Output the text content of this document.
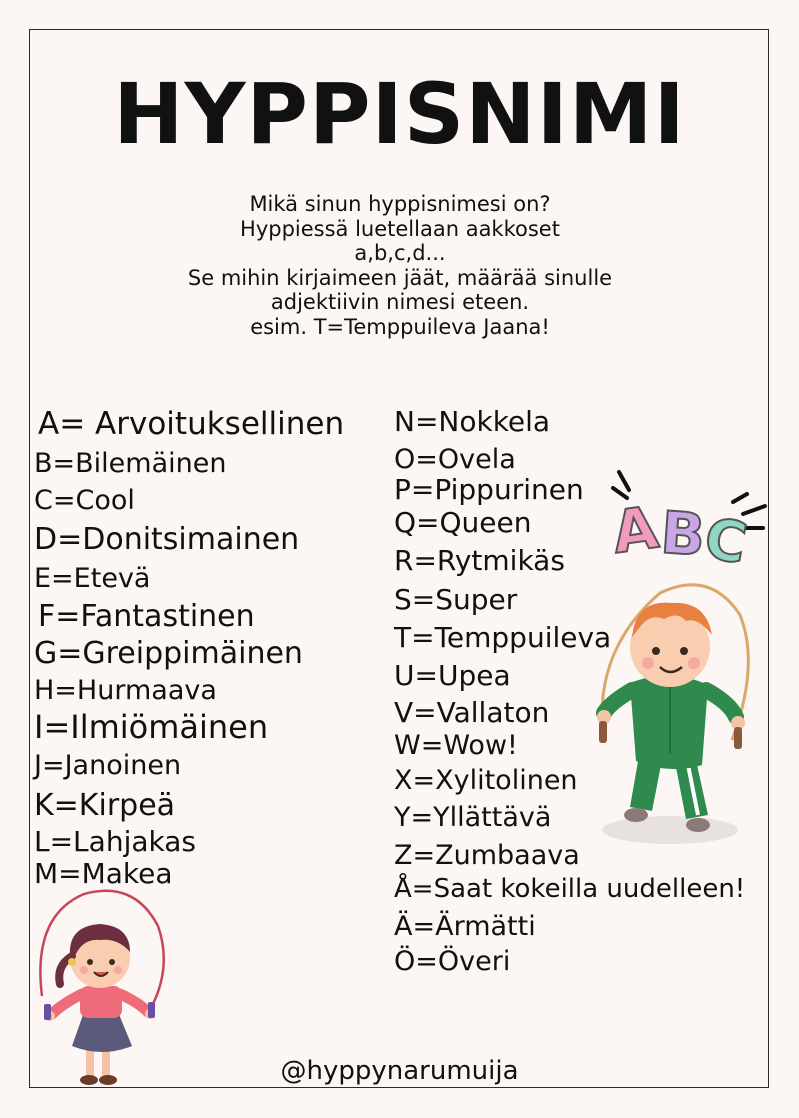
HYPPISNIMI
Mikä sinun hyppisnimesi on?
Hyppiessä luetellaan aakkoset
a,b,c,d...
Se mihin kirjaimeen jäät, määrää sinulle
adjektiivin nimesi eteen.
esim. T=Temppuileva Jaana!
A= Arvoituksellinen
B=Bilemäinen
C=Cool
D=Donitsimainen
E=Etevä
F=Fantastinen
G=Greippimäinen
H=Hurmaava
I=Ilmiömäinen
J=Janoinen
K=Kirpeä
L=Lahjakas
M=Makea
N=Nokkela
O=Ovela
P=Pippurinen
Q=Queen
R=Rytmikäs
S=Super
T=Temppuileva
U=Upea
V=Vallaton
W=Wow!
X=Xylitolinen
Y=Yllättävä
Z=Zumbaava
Å=Saat kokeilla uudelleen!
Ä=Ärmätti
Ö=Överi
@hyppynarumuija
A
B
C
